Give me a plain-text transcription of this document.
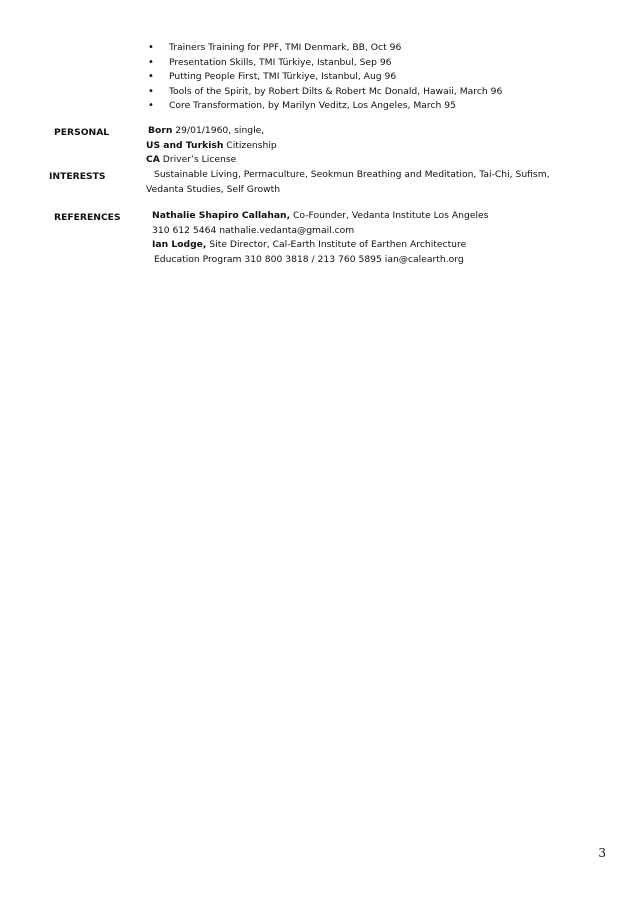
• Trainers Training for PPF, TMI Denmark, BB, Oct 96
• Presentation Skills, TMI Türkiye, Istanbul, Sep 96
• Putting People First, TMI Türkiye, Istanbul, Aug 96
• Tools of the Spirit, by Robert Dilts & Robert Mc Donald, Hawaii, March 96
• Core Transformation, by Marilyn Veditz, Los Angeles, March 95
PERSONAL	Born 29/01/1960, single,
US and Turkish Citizenship
CA Driver’s License
INTERESTS	Sustainable Living, Permaculture, Seokmun Breathing and Meditation, Tai-Chi, Sufism,
Vedanta Studies, Self Growth
REFERENCES	Nathalie Shapiro Callahan, Co-Founder, Vedanta Institute Los Angeles
310 612 5464 nathalie.vedanta@gmail.com
Ian Lodge, Site Director, Cal-Earth Institute of Earthen Architecture
Education Program 310 800 3818 / 213 760 5895 ian@calearth.org
3
